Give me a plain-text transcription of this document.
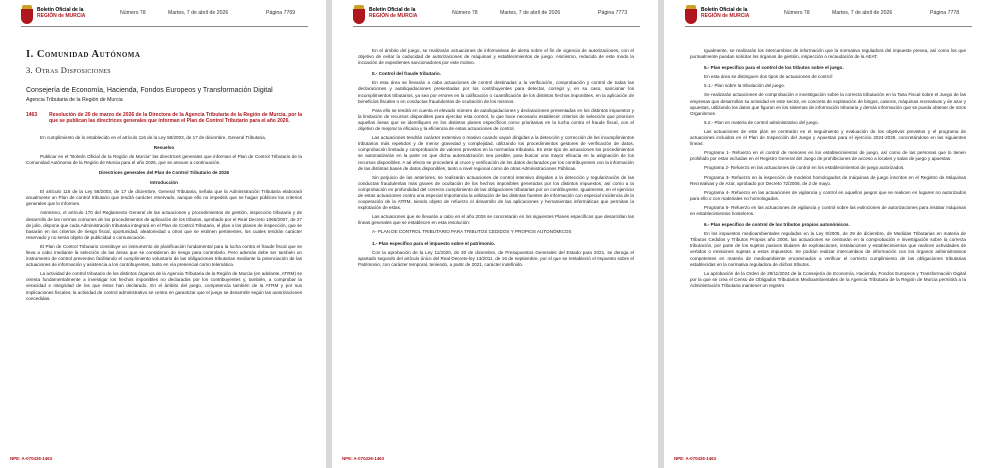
Boletín Oficial de la
REGIÓN de MURCIA	Número 78	Martes, 7 de abril de 2026	Página 7769
I. Comunidad Autónoma
3. Otras Disposiciones
Consejería de Economía, Hacienda, Fondos Europeos y Transformación Digital
Agencia Tributaria de la Región de Murcia
1463 Resolución de 20 de marzo de 2026 de la Directora de la Agencia Tributaria de la Región de Murcia, por la que se publican las directrices generales que informan el Plan de Control Tributario para el año 2026.

En cumplimiento de lo establecido en el artículo 116 de la Ley 58/2003, de 17 de diciembre, General Tributaria,

Resuelvo

Publicar en el “Boletín Oficial de la Región de Murcia” las directrices generales que informan el Plan de Control Tributario de la Comunidad Autónoma de la Región de Murcia para el año 2026, que se anexan a continuación.

Directrices generales del Plan de Control Tributario de 2026

Introducción

El artículo 116 de la Ley 58/2003, de 17 de diciembre, General Tributaria, señala que la Administración Tributaria elaborará anualmente un Plan de control tributario que tendrá carácter reservado, aunque ello no impedirá que se hagan públicos los criterios generales que lo informen.

Asimismo, el artículo 170 del Reglamento General de las actuaciones y procedimientos de gestión, inspección tributaria y de desarrollo de las normas comunes de los procedimientos de aplicación de los tributos, aprobado por el Real Decreto 1065/2007, de 27 de julio, dispone que cada Administración tributaria integrará en el Plan de Control Tributario, el plan o los planes de inspección, que se basarán en los criterios de riesgo fiscal, oportunidad, aleatoriedad u otros que se estimen pertinentes, los cuales tendrán carácter reservado y no serán objeto de publicidad o comunicación.

El Plan de Control Tributario constituye un instrumento de planificación fundamental para la lucha contra el fraude fiscal que se lleva a cabo mediante la selección de las áreas que se consideran de riesgo para controlarlo. Pero además debe ser también un instrumento de control preventivo facilitando el cumplimiento voluntario de las obligaciones tributarias mediante la potenciación de las actuaciones de información y asistencia a los contribuyentes, tanto en vía presencial como telemática.

La actividad de control tributario de los distintos órganos de la Agencia Tributaria de la Región de Murcia (en adelante, ATRM) se orienta fundamentalmente a investigar los hechos imponibles no declarados por los contribuyentes y, también, a comprobar la veracidad e integridad de los que éstos han declarado. En el ámbito del juego, competencia también de la ATRM y por sus implicaciones fiscales, la actividad de control administrativo se centra en garantizar que el juego se desarrolle según las autorizaciones concedidas.

NPE: A-070426-1463
Boletín Oficial de la
REGIÓN de MURCIA	Número 78	Martes, 7 de abril de 2026	Página 7773

En el ámbito del juego, se realizarán actuaciones de informativas de alerta sobre el fin de vigencia de autorizaciones, con el objetivo de evitar la caducidad de autorizaciones de máquinas y establecimientos de juego. Asimismo, reducido de este modo la incoación de expedientes sancionadores por este motivo.

II.- Control del fraude tributario.

En esta área se llevarán a cabo actuaciones de control destinadas a la verificación, comprobación y control de todas las declaraciones y autoliquidaciones presentadas por los contribuyentes para detectar, corregir y, en su caso, sancionar los incumplimientos tributarios, ya sea por errores en la calificación o cuantificación de los distintos hechos imponibles, en la aplicación de beneficios fiscales o en conductas fraudulentas de ocultación de los mismos.

Para ello se tendrá en cuenta el elevado número de autoliquidaciones y declaraciones presentadas en los distintos impuestos y la limitación de recursos disponibles para ejercitar esta control, lo que hace necesario establecer criterios de selección que prioricen aquellas áreas que se identifiquen en los distintos planes específicos como prioritarias en la lucha contra el fraude fiscal, con el objetivo de mejorar la eficacia y la eficiencia de estas actuaciones de control.

Las actuaciones tendrán carácter extensivo o masivo cuando vayan dirigidas a la detección y corrección de los incumplimientos tributarios más repetidos y de menor gravedad y complejidad, utilizando los procedimientos gestores de verificación de datos, comprobación limitada y comprobación de valores previstos en la normativa tributaria. En este tipo de actuaciones los procedimientos se automatizarán en la parte en que dicha automatización sea posible, para buscar una mayor eficacia en la asignación de los recursos disponibles. A tal efecto se procederá al cruce y verificación de los datos declarados por los contribuyentes con la información de las distintas bases de datos disponibles, tanto a nivel regional como de otras Administraciones Públicas.

Sin perjuicio de las anteriores, se realizarán actuaciones de control intensivo dirigidas a la detección y regularización de las conductas fraudulentas más graves de ocultación de los hechos imponibles generados por los distintos impuestos, así como a la comprobación en profundidad del correcto cumplimiento de las obligaciones tributarias por un contribuyente. Igualmente, en el ejercicio de estas actuaciones contra una especial importancia la utilización de las distintas fuentes de información con especial incidencia de la cooperación de la ATRM, siendo objeto de refuerzo el desarrollo de las aplicaciones y herramientas informáticas que permitan la explotación de estas.

Las actuaciones que se llevarán a cabo en el año 2026 se concretarán en los siguientes Planes específicos que desarrollan las líneas generales que se establecen en esta resolución:

A- PLAN DE CONTROL TRIBUTARIO PARA TRIBUTOS CEDIDOS Y PROPIOS AUTONÓMICOS

1.- Plan específico para el impuesto sobre el patrimonio.

Con la aprobación de la Ley 11/2020, de 30 de diciembre, de Presupuestos Generales del Estado para 2021, se deroga el apartado segundo del artículo único del Real Decreto-ley 13/2011, de 16 de septiembre, por el que se restableció el Impuesto sobre el Patrimonio, con carácter temporal, teniendo, a partir de 2021, carácter indefinido.

NPE: A-070426-1463
Boletín Oficial de la
REGIÓN de MURCIA	Número 78	Martes, 7 de abril de 2026	Página 7778

Igualmente, se realizarán los intercambios de información que la normativa reguladora del impuesto prevea, así como los que puntualmente puedan solicitar los órganos de gestión, inspección o recaudación de la AEAT.

5.- Plan específico para el control de los tributos sobre el juego.

En esta área se distinguen dos tipos de actuaciones de control:

5.1.- Plan sobre la tributación del juego.

Se realizarán actuaciones de comprobación e investigación sobre la correcta tributación en la Tasa Fiscal sobre el Juego de las empresas que desarrollan su actividad en este sector, en concreto de explotación de bingos, casinos, máquinas recreativas y de azar y apuestas, utilizando los datos que figuran en los sistemas de información tributaria y demás información que se pueda obtener de otros Organismos.

5.2.- Plan en materia de control administrativo del juego.

Las actuaciones de este plan se centrarán en el seguimiento y evaluación de los objetivos previstos y el programa de actuaciones incluidos en el Plan de Inspección del Juego y Apuestas para el ejercicio 2024-2026, concretándose en las siguientes líneas:

Programa 1- Refuerzo en el control de menores en los establecimientos de juego, así como de las personas que lo tienen prohibido por estar incluidas en el Registro General del Juego de prohibiciones de acceso a locales y salas de juego y apuestas.

Programa 2- Refuerzo en las actuaciones de control en los establecimientos de juego autorizados.

Programa 3- Refuerzo en la inspección de modelos homologados de máquinas de juego inscritos en el Registro de Máquinas Recreativas y de Azar, aprobado por Decreto 72/2008, de 2 de mayo.

Programa 4- Refuerzo en las actuaciones de vigilancia y control en aquellos juegos que se realicen en lugares no autorizados para ello o con materiales no homologados.

Programa 5- Refuerzo en las actuaciones de vigilancia y control sobre las extinciones de autorizaciones para instalar máquinas en establecimientos hosteleros.

6.- Plan específico de control de los tributos propios autonómicos.

En los impuestos medioambientales regulados en la Ley 9/2005, de 29 de diciembre, de Medidas Tributarias en materia de Tributos Cedidos y Tributos Propios año 2006, las actuaciones se centrarán en la comprobación e investigación sobre la correcta tributación, por parte de los sujetos pasivos titulares de explotaciones, instalaciones y establecimientos que realicen actividades de vertidos o emisiones sujetas a estos impuestos. Se podrán realizar intercambios de información con los órganos administrativos competentes en materia de medioambiente encaminados a verificar el correcto cumplimiento de las obligaciones tributarias establecidas en la normativa reguladora de dichos tributos.

La aprobación de la Orden de 29/11/2024 de la Consejería de Economía, Hacienda, Fondos Europeos y Transformación Digital por la que se crea el Censo de Obligados Tributarios Medioambientales de la Agencia Tributaria de la Región de Murcia permitirá a la Administración Tributaria mantener un registro

NPE: A-070426-1463
